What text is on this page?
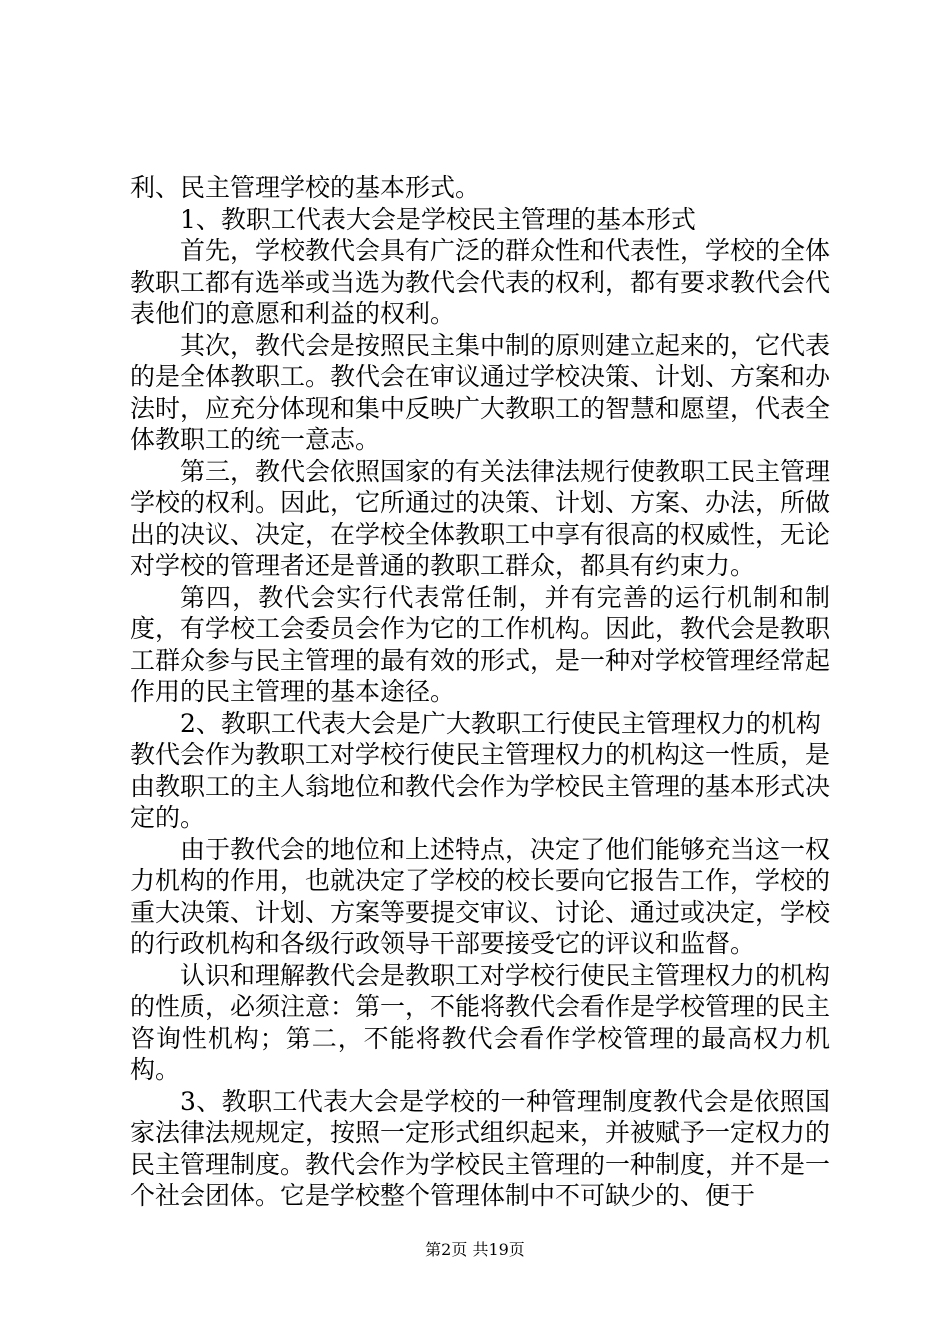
利、民主管理学校的基本形式。

1、教职工代表大会是学校民主管理的基本形式

首先，学校教代会具有广泛的群众性和代表性，学校的全体教职工都有选举或当选为教代会代表的权利，都有要求教代会代表他们的意愿和利益的权利。

其次，教代会是按照民主集中制的原则建立起来的，它代表的是全体教职工。教代会在审议通过学校决策、计划、方案和办法时，应充分体现和集中反映广大教职工的智慧和愿望，代表全体教职工的统一意志。

第三，教代会依照国家的有关法律法规行使教职工民主管理学校的权利。因此，它所通过的决策、计划、方案、办法，所做出的决议、决定，在学校全体教职工中享有很高的权威性，无论对学校的管理者还是普通的教职工群众，都具有约束力。

第四，教代会实行代表常任制，并有完善的运行机制和制度，有学校工会委员会作为它的工作机构。因此，教代会是教职工群众参与民主管理的最有效的形式，是一种对学校管理经常起作用的民主管理的基本途径。

2、教职工代表大会是广大教职工行使民主管理权力的机构

教代会作为教职工对学校行使民主管理权力的机构这一性质，是由教职工的主人翁地位和教代会作为学校民主管理的基本形式决定的。

由于教代会的地位和上述特点，决定了他们能够充当这一权力机构的作用，也就决定了学校的校长要向它报告工作，学校的重大决策、计划、方案等要提交审议、讨论、通过或决定，学校的行政机构和各级行政领导干部要接受它的评议和监督。

认识和理解教代会是教职工对学校行使民主管理权力的机构的性质，必须注意：第一，不能将教代会看作是学校管理的民主咨询性机构；第二，不能将教代会看作学校管理的最高权力机构。

3、教职工代表大会是学校的一种管理制度教代会是依照国家法律法规规定，按照一定形式组织起来，并被赋予一定权力的民主管理制度。教代会作为学校民主管理的一种制度，并不是一个社会团体。它是学校整个管理体制中不可缺少的、便于

第2页 共19页
